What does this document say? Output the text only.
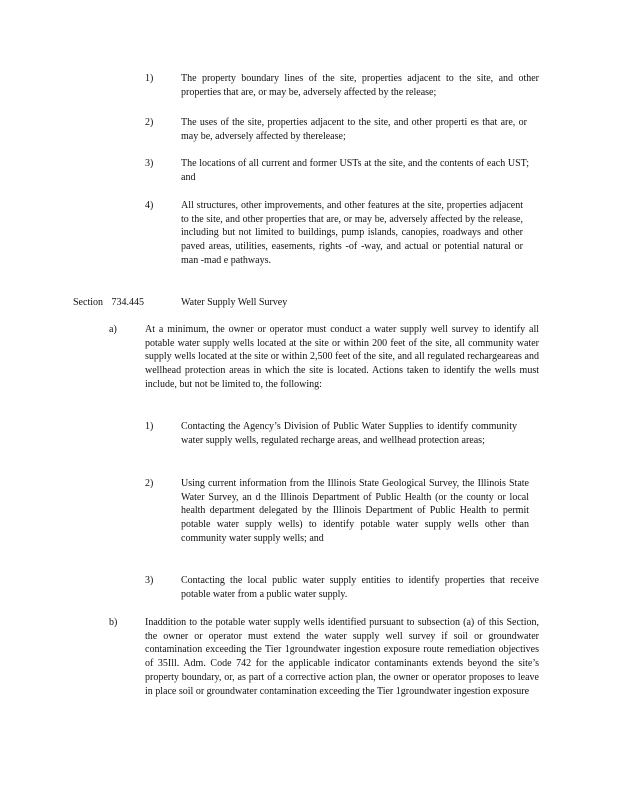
1)	The property boundary lines of the site, properties adjacent to the site, and other properties that are, or may be, adversely affected by the release;
2)	The uses of the site, properties adjacent to the site, and other properti es that are, or may be, adversely affected by therelease;
3)	The locations of all current and former USTs at the site, and the contents of each UST; and
4)	All structures, other improvements, and other features at the site, properties adjacent to the site, and other properties that are, or may be, adversely affected by the release, including but not limited to buildings, pump islands, canopies, roadways and other paved areas, utilities, easements, rights -of -way, and actual or potential natural or man -mad e pathways.
Section 734.445	Water Supply Well Survey
a)	At a minimum, the owner or operator must conduct a water supply well survey to identify all potable water supply wells located at the site or within 200 feet of the site, all community water supply wells located at the site or within 2,500 feet of the site, and all regulated rechargeareas and wellhead protection areas in which the site is located. Actions taken to identify the wells must include, but not be limited to, the following:
1)	Contacting the Agency’s Division of Public Water Supplies to identify community water supply wells, regulated recharge areas, and wellhead protection areas;
2)	Using current information from the Illinois State Geological Survey, the Illinois State Water Survey, an d the Illinois Department of Public Health (or the county or local health department delegated by the Illinois Department of Public Health to permit potable water supply wells) to identify potable water supply wells other than community water supply wells; and
3)	Contacting the local public water supply entities to identify properties that receive potable water from a public water supply.
b)	Inaddition to the potable water supply wells identified pursuant to subsection (a) of this Section, the owner or operator must extend the water supply well survey if soil or groundwater contamination exceeding the Tier 1groundwater ingestion exposure route remediation objectives of 35Ill. Adm. Code 742 for the applicable indicator contaminants extends beyond the site’s property boundary, or, as part of a corrective action plan, the owner or operator proposes to leave in place soil or groundwater contamination exceeding the Tier 1groundwater ingestion exposure
